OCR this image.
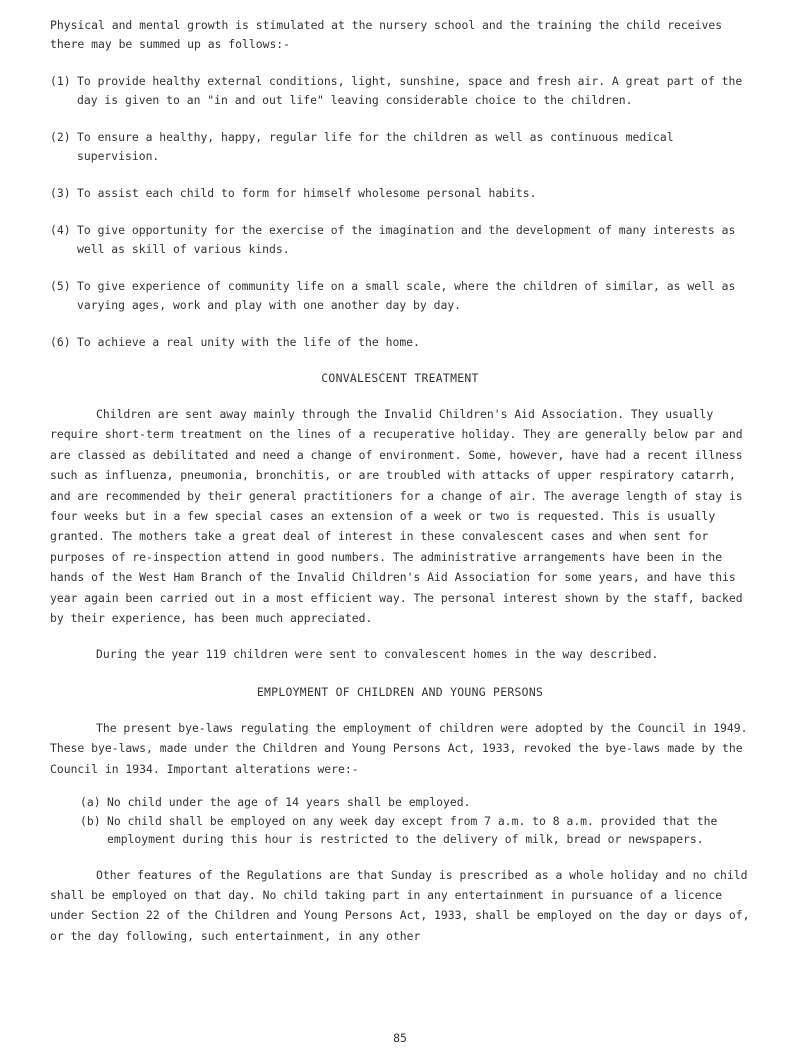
Physical and mental growth is stimulated at the nursery school and the training the child receives there may be summed up as follows:-

(1) To provide healthy external conditions, light, sunshine, space and fresh air. A great part of the day is given to an "in and out life" leaving considerable choice to the children.
(2) To ensure a healthy, happy, regular life for the children as well as continuous medical supervision.
(3) To assist each child to form for himself wholesome personal habits.
(4) To give opportunity for the exercise of the imagination and the development of many interests as well as skill of various kinds.
(5) To give experience of community life on a small scale, where the children of similar, as well as varying ages, work and play with one another day by day.
(6) To achieve a real unity with the life of the home.
CONVALESCENT TREATMENT

Children are sent away mainly through the Invalid Children's Aid Association. They usually require short-term treatment on the lines of a recuperative holiday. They are generally below par and are classed as debilitated and need a change of environment. Some, however, have had a recent illness such as influenza, pneumonia, bronchitis, or are troubled with attacks of upper respiratory catarrh, and are recommended by their general practitioners for a change of air. The average length of stay is four weeks but in a few special cases an extension of a week or two is requested. This is usually granted. The mothers take a great deal of interest in these convalescent cases and when sent for purposes of re-inspection attend in good numbers. The administrative arrangements have been in the hands of the West Ham Branch of the Invalid Children's Aid Association for some years, and have this year again been carried out in a most efficient way. The personal interest shown by the staff, backed by their experience, has been much appreciated.

During the year 119 children were sent to convalescent homes in the way described.

EMPLOYMENT OF CHILDREN AND YOUNG PERSONS

The present bye-laws regulating the employment of children were adopted by the Council in 1949. These bye-laws, made under the Children and Young Persons Act, 1933, revoked the bye-laws made by the Council in 1934. Important alterations were:-

(a) No child under the age of 14 years shall be employed.
(b) No child shall be employed on any week day except from 7 a.m. to 8 a.m. provided that the employment during this hour is restricted to the delivery of milk, bread or newspapers.

Other features of the Regulations are that Sunday is prescribed as a whole holiday and no child shall be employed on that day. No child taking part in any entertainment in pursuance of a licence under Section 22 of the Children and Young Persons Act, 1933, shall be employed on the day or days of, or the day following, such entertainment, in any other

85
